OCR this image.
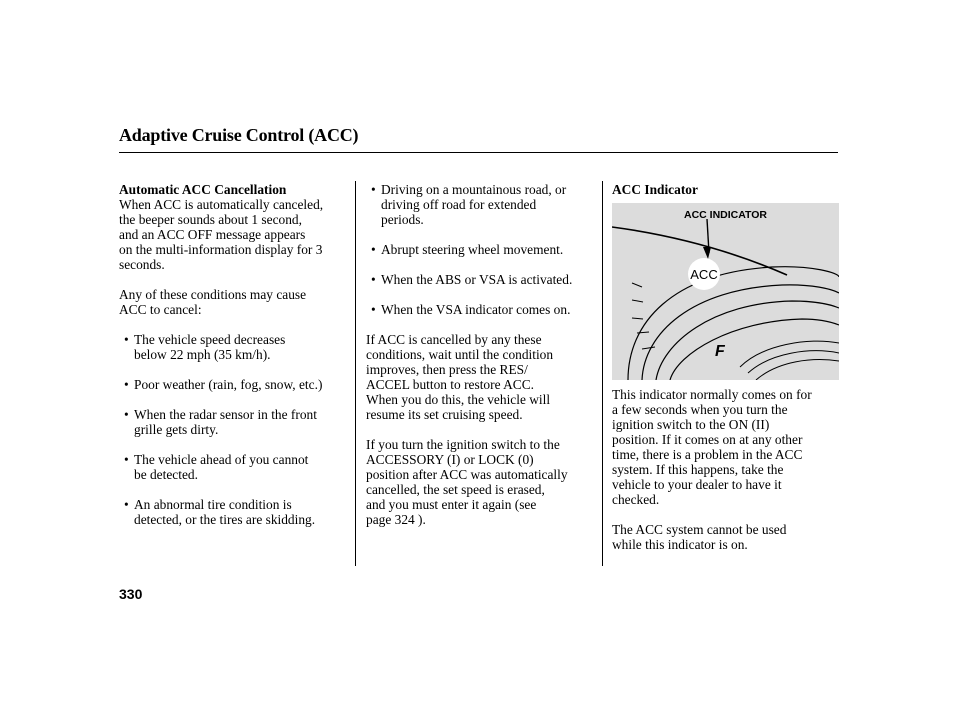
Adaptive Cruise Control (ACC)

Automatic ACC Cancellation

When ACC is automatically canceled,

the beeper sounds about 1 second,

and an ACC OFF message appears

on the multi-information display for 3

seconds.

Any of these conditions may cause

ACC to cancel:

• The vehicle speed decreases

below 22 mph (35 km/h).

• Poor weather (rain, fog, snow, etc.)

• When the radar sensor in the front

grille gets dirty.

• The vehicle ahead of you cannot

be detected.

• An abnormal tire condition is

detected, or the tires are skidding.

• Driving on a mountainous road, or

driving off road for extended

periods.

• Abrupt steering wheel movement.

• When the ABS or VSA is activated.

• When the VSA indicator comes on.

If ACC is cancelled by any these

conditions, wait until the condition

improves, then press the RES/

ACCEL button to restore ACC.

When you do this, the vehicle will

resume its set cruising speed.

If you turn the ignition switch to the

ACCESSORY (I) or LOCK (0)

position after ACC was automatically

cancelled, the set speed is erased,

and you must enter it again (see

page 324 ).

ACC Indicator

ACC INDICATOR
ACC
F

This indicator normally comes on for

a few seconds when you turn the

ignition switch to the ON (II)

position. If it comes on at any other

time, there is a problem in the ACC

system. If this happens, take the

vehicle to your dealer to have it

checked.

The ACC system cannot be used

while this indicator is on.

330
